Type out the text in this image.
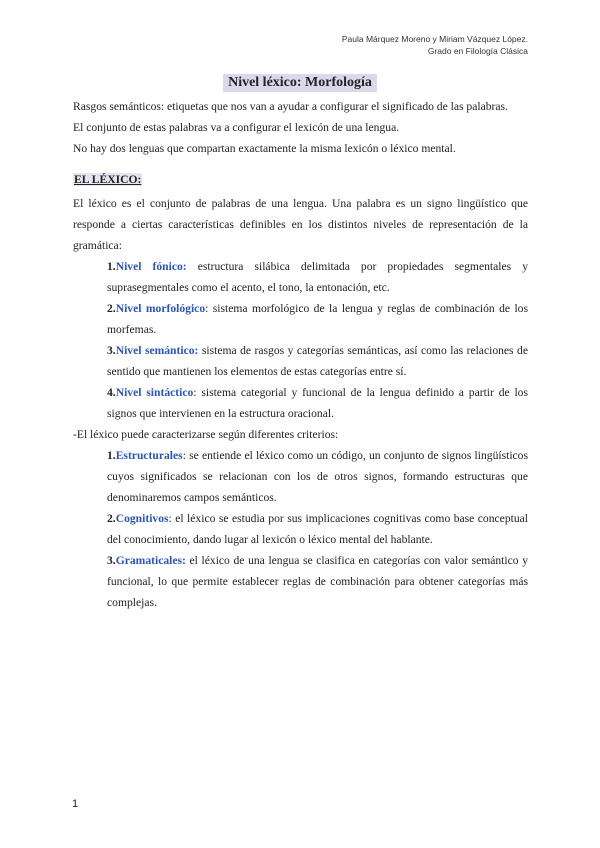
Paula Márquez Moreno y Miriam Vázquez López.
Grado en Filología Clásica
Nivel léxico: Morfología

Rasgos semánticos: etiquetas que nos van a ayudar a configurar el significado de las palabras.

El conjunto de estas palabras va a configurar el lexicón de una lengua.

No hay dos lenguas que compartan exactamente la misma lexicón o léxico mental.

EL LÉXICO:

El léxico es el conjunto de palabras de una lengua. Una palabra es un signo lingüístico que responde a ciertas características definibles en los distintos niveles de representación de la gramática:

1.Nivel fónico: estructura silábica delimitada por propiedades segmentales y suprasegmentales como el acento, el tono, la entonación, etc.

2.Nivel morfológico: sistema morfológico de la lengua y reglas de combinación de los morfemas.

3.Nivel semántico: sistema de rasgos y categorías semánticas, así como las relaciones de sentido que mantienen los elementos de estas categorías entre sí.

4.Nivel sintáctico: sistema categorial y funcional de la lengua definido a partir de los signos que intervienen en la estructura oracional.

-El léxico puede caracterizarse según diferentes criterios:

1.Estructurales: se entiende el léxico como un código, un conjunto de signos lingüísticos cuyos significados se relacionan con los de otros signos, formando estructuras que denominaremos campos semánticos.

2.Cognitivos: el léxico se estudia por sus implicaciones cognitivas como base conceptual del conocimiento, dando lugar al lexicón o léxico mental del hablante.

3.Gramaticales: el léxico de una lengua se clasifica en categorías con valor semántico y funcional, lo que permite establecer reglas de combinación para obtener categorías más complejas.

1
